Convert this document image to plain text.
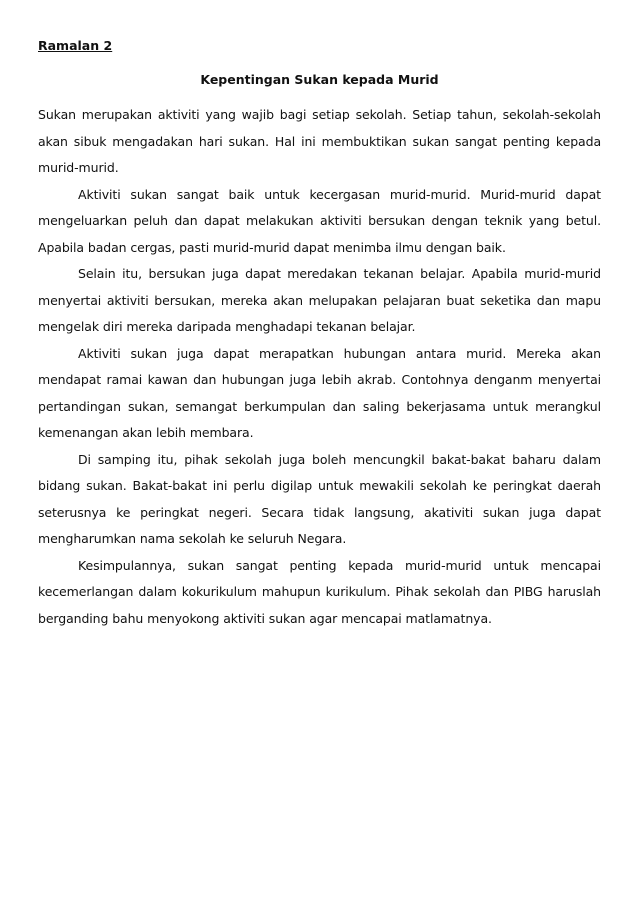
Ramalan 2

Kepentingan Sukan kepada Murid

Sukan merupakan aktiviti yang wajib bagi setiap sekolah. Setiap tahun, sekolah-sekolah akan sibuk mengadakan hari sukan. Hal ini membuktikan sukan sangat penting kepada murid-murid.

Aktiviti sukan sangat baik untuk kecergasan murid-murid. Murid-murid dapat mengeluarkan peluh dan dapat melakukan aktiviti bersukan dengan teknik yang betul. Apabila badan cergas, pasti murid-murid dapat menimba ilmu dengan baik.

Selain itu, bersukan juga dapat meredakan tekanan belajar. Apabila murid-murid menyertai aktiviti bersukan, mereka akan melupakan pelajaran buat seketika dan mapu mengelak diri mereka daripada menghadapi tekanan belajar.

Aktiviti sukan juga dapat merapatkan hubungan antara murid. Mereka akan mendapat ramai kawan dan hubungan juga lebih akrab. Contohnya denganm menyertai pertandingan sukan, semangat berkumpulan dan saling bekerjasama untuk merangkul kemenangan akan lebih membara.

Di samping itu, pihak sekolah juga boleh mencungkil bakat-bakat baharu dalam bidang sukan. Bakat-bakat ini perlu digilap untuk mewakili sekolah ke peringkat daerah seterusnya ke peringkat negeri. Secara tidak langsung, akativiti sukan juga dapat mengharumkan nama sekolah ke seluruh Negara.

Kesimpulannya, sukan sangat penting kepada murid-murid untuk mencapai kecemerlangan dalam kokurikulum mahupun kurikulum. Pihak sekolah dan PIBG haruslah berganding bahu menyokong aktiviti sukan agar mencapai matlamatnya.
